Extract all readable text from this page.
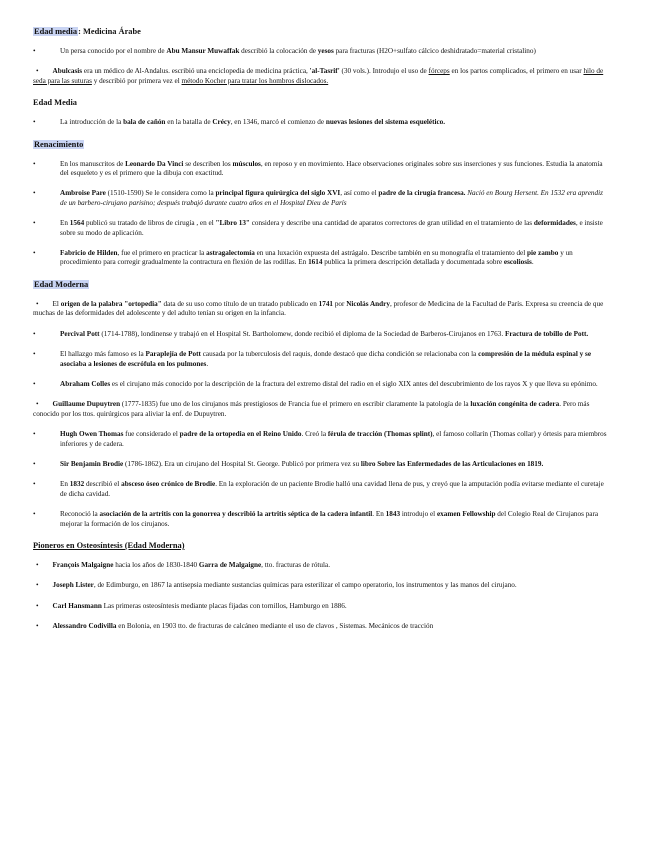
Edad media: Medicina Árabe
•	Un persa conocido por el nombre de Abu Mansur Muwaffak describió la colocación de yesos para fracturas (H2O+sulfato cálcico deshidratado=material cristalino)
• Abulcasis era un médico de Al-Andalus. escribió una enciclopedia de medicina práctica, 'al-Tasrif' (30 vols.). Introdujo el uso de fórceps en los partos complicados, el primero en usar hilo de seda para las suturas y describió por primera vez el método Kocher para tratar los hombros dislocados.
Edad Media
•	La introducción de la bala de cañón en la batalla de Crécy, en 1346, marcó el comienzo de nuevas lesiones del sistema esquelético.
Renacimiento
•	En los manuscritos de Leonardo Da Vinci se describen los músculos, en reposo y en movimiento. Hace observaciones originales sobre sus inserciones y sus funciones. Estudia la anatomía del esqueleto y es el primero que la dibuja con exactitud.
•	Ambroise Pare (1510-1590) Se le considera como la principal figura quirúrgica del siglo XVI, así como el padre de la cirugía francesa. Nació en Bourg Hersent. En 1532 era aprendiz de un barbero-cirujano parisino; después trabajó durante cuatro años en el Hospital Dieu de París
•	En 1564 publicó su tratado de libros de cirugía , en el "Libro 13" considera y describe una cantidad de aparatos correctores de gran utilidad en el tratamiento de las deformidades, e insiste sobre su modo de aplicación.
•	Fabricio de Hilden, fue el primero en practicar la astragalectomía en una luxación expuesta del astrágalo. Describe también en su monografía el tratamiento del pie zambo y un procedimiento para corregir gradualmente la contractura en flexión de las rodillas. En 1614 publica la primera descripción detallada y documentada sobre escoliosis.
Edad Moderna
• El origen de la palabra "ortopedia" data de su uso como título de un tratado publicado en 1741 por Nicolás Andry, profesor de Medicina de la Facultad de París. Expresa su creencia de que muchas de las deformidades del adolescente y del adulto tenían su origen en la infancia.
•	Percival Pott (1714-1788), londinense y trabajó en el Hospital St. Bartholomew, donde recibió el diploma de la Sociedad de Barberos-Cirujanos en 1763. Fractura de tobillo de Pott.
•	El hallazgo más famoso es la Paraplejía de Pott causada por la tuberculosis del raquis, donde destacó que dicha condición se relacionaba con la compresión de la médula espinal y se asociaba a lesiones de escrófula en los pulmones.
•	Abraham Colles es el cirujano más conocido por la descripción de la fractura del extremo distal del radio en el siglo XIX antes del descubrimiento de los rayos X y que lleva su epónimo.
• Guillaume Dupuytren (1777-1835) fue uno de los cirujanos más prestigiosos de Francia fue el primero en escribir claramente la patología de la luxación congénita de cadera. Pero más conocido por los ttos. quirúrgicos para aliviar la enf. de Dupuytren.
•	Hugh Owen Thomas fue considerado el padre de la ortopedia en el Reino Unido. Creó la férula de tracción (Thomas splint), el famoso collarín (Thomas collar) y órtesis para miembros inferiores y de cadera.
•	Sir Benjamin Brodie (1786-1862). Era un cirujano del Hospital St. George. Publicó por primera vez su libro Sobre las Enfermedades de las Articulaciones en 1819.
•	En 1832 describió el absceso óseo crónico de Brodie. En la exploración de un paciente Brodie halló una cavidad llena de pus, y creyó que la amputación podía evitarse mediante el curetaje de dicha cavidad.
•	Reconoció la asociación de la artritis con la gonorrea y describió la artritis séptica de la cadera infantil. En 1843 introdujo el examen Fellowship del Colegio Real de Cirujanos para mejorar la formación de los cirujanos.
Pioneros en Osteosíntesis (Edad Moderna)
• François Malgaigne hacia los años de 1830-1840 Garra de Malgaigne, tto. fracturas de rótula.
• Joseph Lister, de Edimburgo, en 1867 la antisepsia mediante sustancias químicas para esterilizar el campo operatorio, los instrumentos y las manos del cirujano.
• Carl Hansmann Las primeras osteosíntesis mediante placas fijadas con tornillos, Hamburgo en 1886.
• Alessandro Codivilla en Bolonia, en 1903 tto. de fracturas de calcáneo mediante el uso de clavos , Sistemas. Mecánicos de tracción
